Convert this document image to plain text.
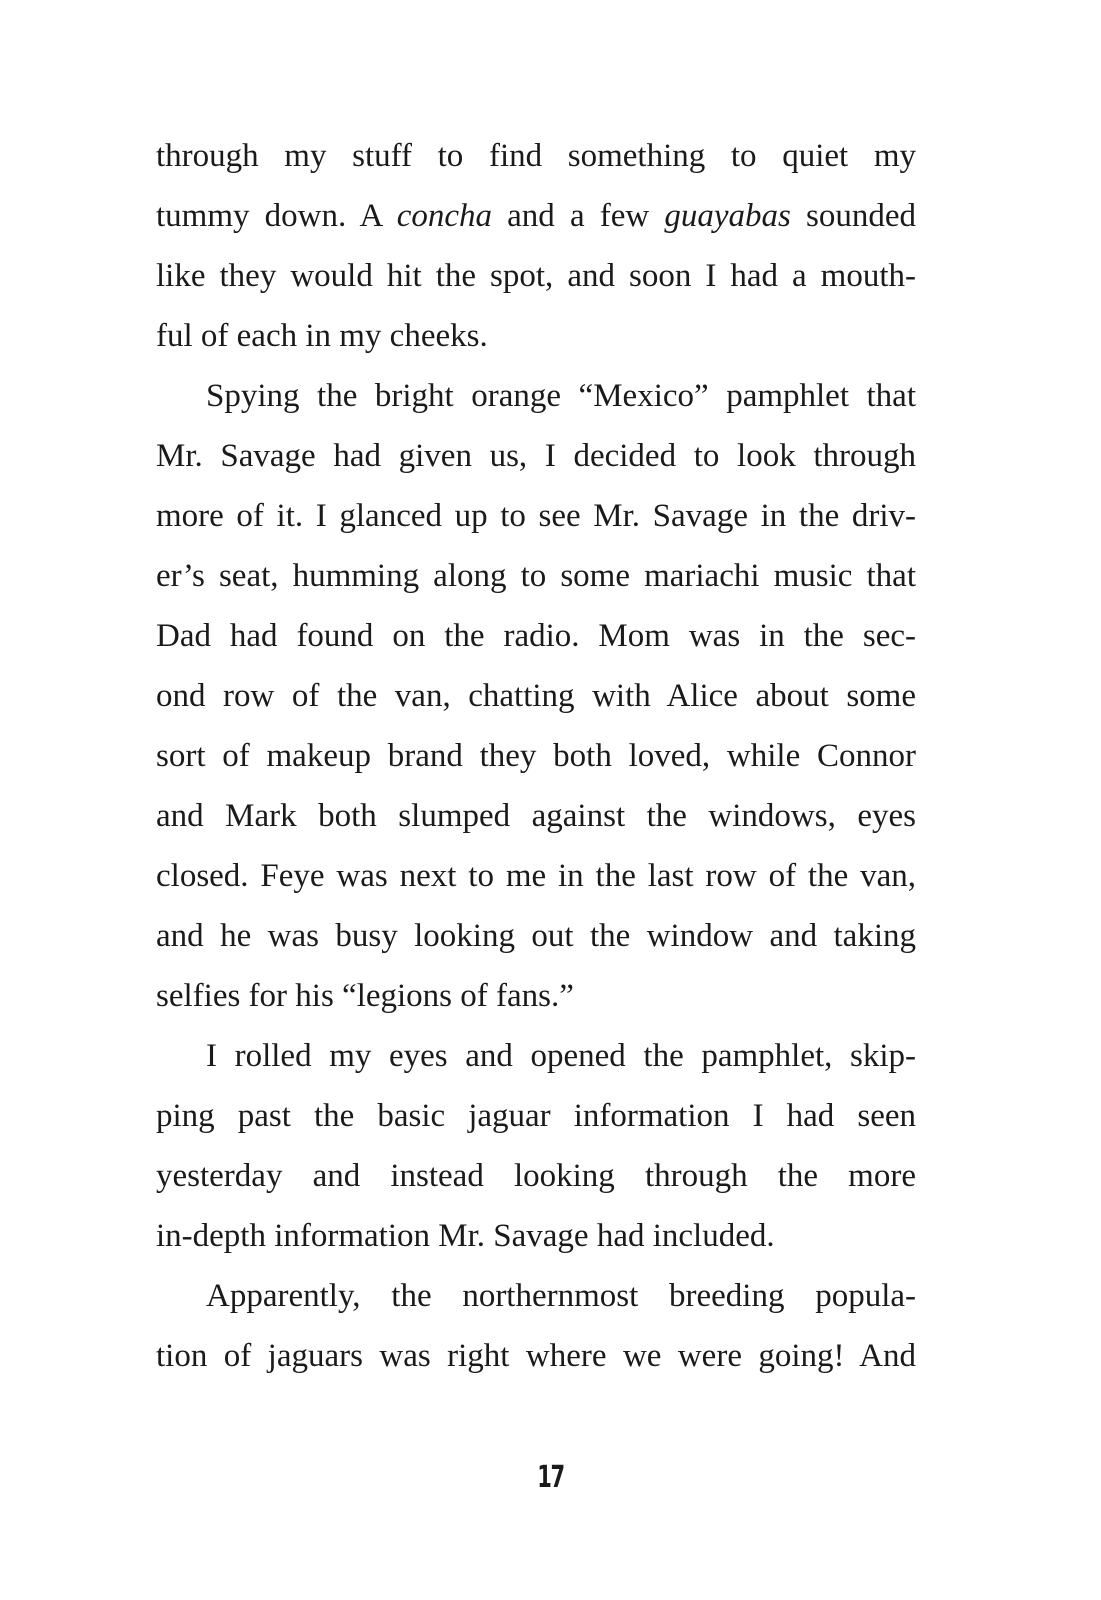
through my stuff to find something to quiet my
tummy down. A concha and a few guayabas sounded
like they would hit the spot, and soon I had a mouth-
ful of each in my cheeks.
Spying the bright orange “Mexico” pamphlet that
Mr. Savage had given us, I decided to look through
more of it. I glanced up to see Mr. Savage in the driv-
er’s seat, humming along to some mariachi music that
Dad had found on the radio. Mom was in the sec-
ond row of the van, chatting with Alice about some
sort of makeup brand they both loved, while Connor
and Mark both slumped against the windows, eyes
closed. Feye was next to me in the last row of the van,
and he was busy looking out the window and taking
selfies for his “legions of fans.”
I rolled my eyes and opened the pamphlet, skip-
ping past the basic jaguar information I had seen
yesterday and instead looking through the more
in-depth information Mr. Savage had included.
Apparently, the northernmost breeding popula-
tion of jaguars was right where we were going! And
17
